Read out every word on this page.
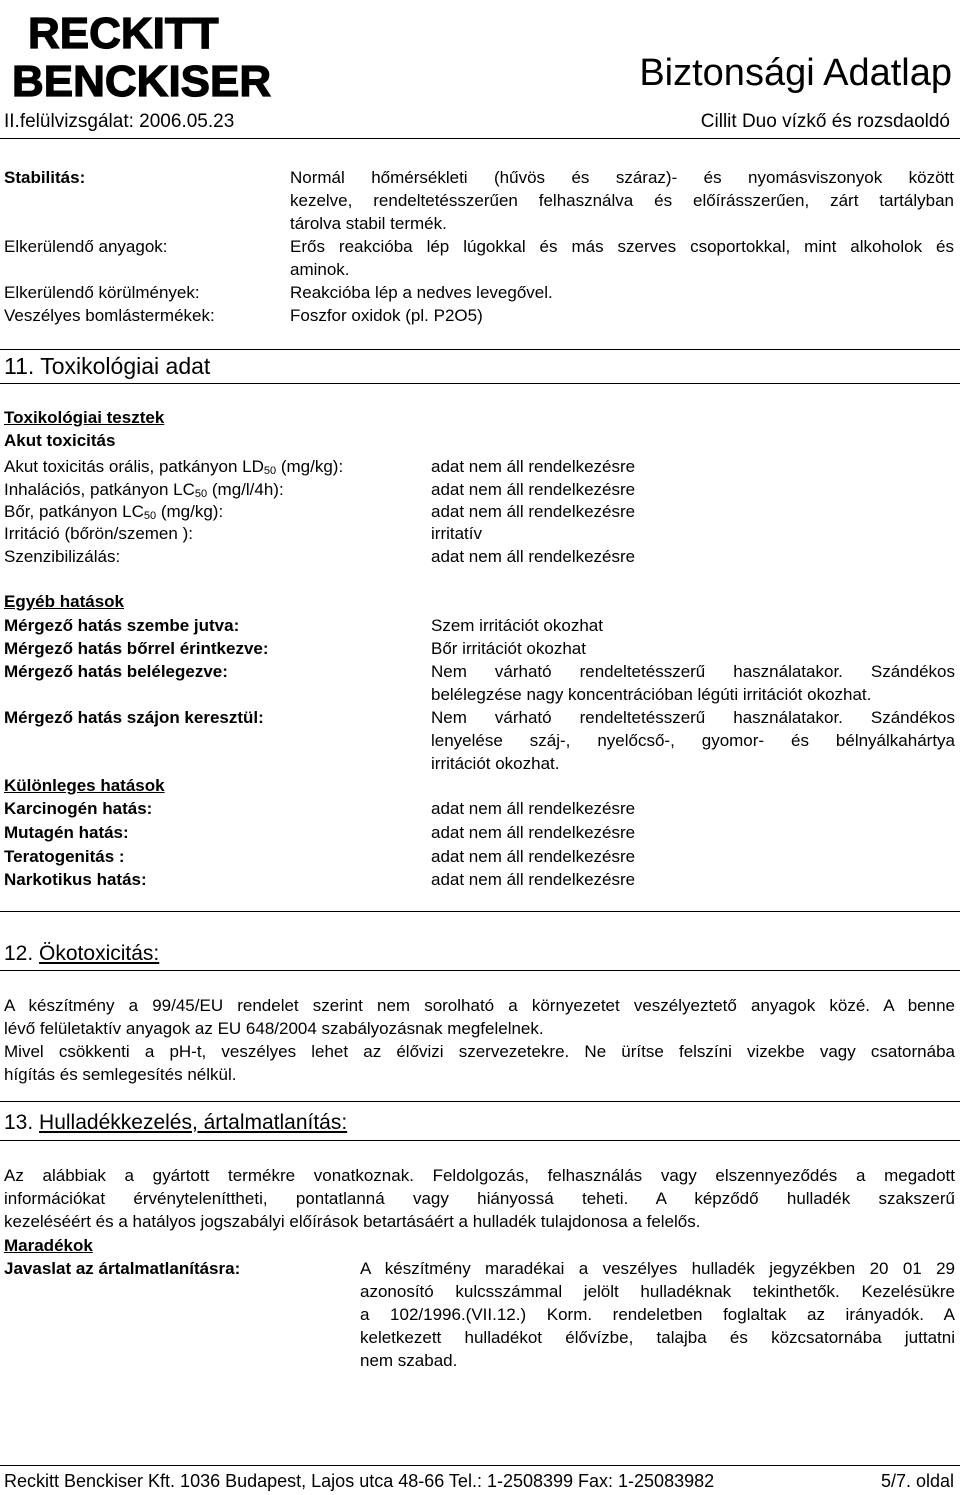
RECKITT
BENCKISER	Biztonsági Adatlap
II.felülvizsgálat: 2006.05.23	Cillit Duo vízkő és rozsdaoldó
Stabilitás:	Normál hőmérsékleti (hűvös és száraz)- és nyomásviszonyok között
kezelve, rendeltetésszerűen felhasználva és előírásszerűen, zárt tartályban
tárolva stabil termék.
Elkerülendő anyagok:	Erős reakcióba lép lúgokkal és más szerves csoportokkal, mint alkoholok és
aminok.
Elkerülendő körülmények:	Reakcióba lép a nedves levegővel.
Veszélyes bomlástermékek:	Foszfor oxidok (pl. P2O5)
11. Toxikológiai adat
Toxikológiai tesztek
Akut toxicitás
Akut toxicitás orális, patkányon $LD_{50}$ (mg/kg):	adat nem áll rendelkezésre
Inhalációs, patkányon $LC_{50}$ (mg/l/4h):	adat nem áll rendelkezésre
Bőr, patkányon $LC_{50}$ (mg/kg):	adat nem áll rendelkezésre
Irritáció (bőrön/szemen ):	irritatív
Szenzibilizálás:	adat nem áll rendelkezésre
Egyéb hatások
Mérgező hatás szembe jutva:	Szem irritációt okozhat
Mérgező hatás bőrrel érintkezve:	Bőr irritációt okozhat
Mérgező hatás belélegezve:	Nem várható rendeltetésszerű használatakor. Szándékos
belélegzése nagy koncentrációban légúti irritációt okozhat.
Mérgező hatás szájon keresztül:	Nem várható rendeltetésszerű használatakor. Szándékos
lenyelése száj-, nyelőcső-, gyomor- és bélnyálkahártya
irritációt okozhat.
Különleges hatások
Karcinogén hatás:	adat nem áll rendelkezésre
Mutagén hatás:	adat nem áll rendelkezésre
Teratogenitás :	adat nem áll rendelkezésre
Narkotikus hatás:	adat nem áll rendelkezésre
12. Ökotoxicitás:
A készítmény a 99/45/EU rendelet szerint nem sorolható a környezetet veszélyeztető anyagok közé. A benne
lévő felületaktív anyagok az EU 648/2004 szabályozásnak megfelelnek.
Mivel csökkenti a pH-t, veszélyes lehet az élővizi szervezetekre. Ne ürítse felszíni vizekbe vagy csatornába
hígítás és semlegesítés nélkül.
13. Hulladékkezelés, ártalmatlanítás:
Az alábbiak a gyártott termékre vonatkoznak. Feldolgozás, felhasználás vagy elszennyeződés a megadott
információkat érvényteleníttheti, pontatlanná vagy hiányossá teheti. A képződő hulladék szakszerű
kezeléséért és a hatályos jogszabályi előírások betartásáért a hulladék tulajdonosa a felelős.
Maradékok
Javaslat az ártalmatlanításra:	A készítmény maradékai a veszélyes hulladék jegyzékben 20 01 29
azonosító kulcsszámmal jelölt hulladéknak tekinthetők. Kezelésükre
a 102/1996.(VII.12.) Korm. rendeletben foglaltak az irányadók. A
keletkezett hulladékot élővízbe, talajba és közcsatornába juttatni
nem szabad.
Reckitt Benckiser Kft. 1036 Budapest, Lajos utca 48-66 Tel.: 1-2508399 Fax: 1-25083982	5/7. oldal
